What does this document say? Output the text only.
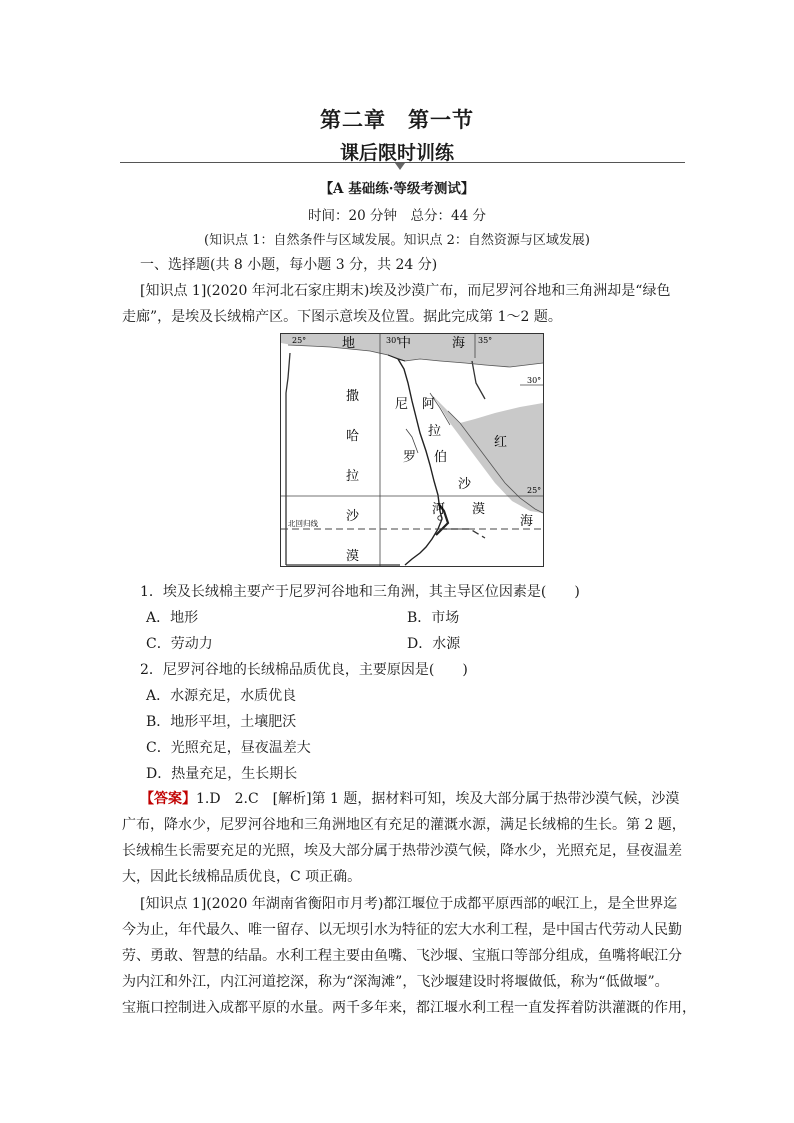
第二章　第一节
课后限时训练
【A 基础练·等级考测试】
时间：20 分钟　总分：44 分
(知识点 1：自然条件与区域发展。知识点 2：自然资源与区域发展)
一、选择题(共 8 小题，每小题 3 分，共 24 分)
[知识点 1](2020 年河北石家庄期末)埃及沙漠广布，而尼罗河谷地和三角洲却是“绿色
走廊”，是埃及长绒棉产区。下图示意埃及位置。据此完成第 1～2 题。
25°	30°	35°
30°
25°
北回归线
地	中	海
撒
哈
拉
沙
漠
尼
罗
河
阿
拉
伯
沙
漠
红
海
1．埃及长绒棉主要产于尼罗河谷地和三角洲，其主导区位因素是(　　)
A．地形	B．市场
C．劳动力	D．水源
2．尼罗河谷地的长绒棉品质优良，主要原因是(　　)
A．水源充足，水质优良
B．地形平坦，土壤肥沃
C．光照充足，昼夜温差大
D．热量充足，生长期长
【答案】1.D　2.C　[解析]第 1 题，据材料可知，埃及大部分属于热带沙漠气候，沙漠
广布，降水少，尼罗河谷地和三角洲地区有充足的灌溉水源，满足长绒棉的生长。第 2 题，
长绒棉生长需要充足的光照，埃及大部分属于热带沙漠气候，降水少，光照充足，昼夜温差
大，因此长绒棉品质优良，C 项正确。
[知识点 1](2020 年湖南省衡阳市月考)都江堰位于成都平原西部的岷江上，是全世界迄
今为止，年代最久、唯一留存、以无坝引水为特征的宏大水利工程，是中国古代劳动人民勤
劳、勇敢、智慧的结晶。水利工程主要由鱼嘴、飞沙堰、宝瓶口等部分组成，鱼嘴将岷江分
为内江和外江，内江河道挖深，称为“深淘滩”，飞沙堰建设时将堰做低，称为“低做堰”。
宝瓶口控制进入成都平原的水量。两千多年来，都江堰水利工程一直发挥着防洪灌溉的作用，
